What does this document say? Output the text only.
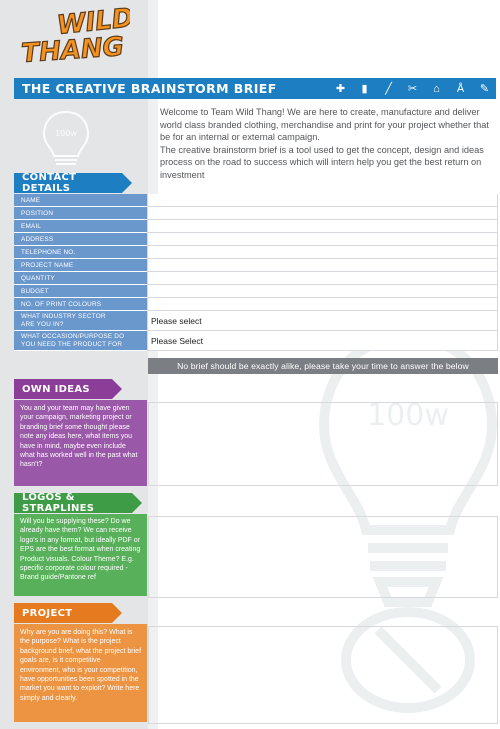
100w
WILD
THANG
THE CREATIVE BRAINSTORM BRIEF	✚	▮	╱	✂	⌂	Å	✎
100w

Welcome to Team Wild Thang! We are here to create, manufacture and deliver world class branded clothing, merchandise and print for your project whether that be for an internal or external campaign.

The creative brainstorm brief is a tool used to get the concept, design and ideas process on the road to success which will intern help you get the best return on investment

CONTACT DETAILS
NAME
POSITION
EMAIL
ADDRESS
TELEPHONE NO.
PROJECT NAME
QUANTITY
BUDGET
NO. OF PRINT COLOURS
WHAT INDUSTRY SECTOR
ARE YOU IN?	Please select
WHAT OCCASION/PURPOSE DO
YOU NEED THE PRODUCT FOR	Please Select
No brief should be exactly alike, please take your time to answer the below
OWN IDEAS
You and your team may have given your campaign, marketing project or branding brief some thought please note any ideas here, what items you have in mind, maybe even include what has worked well in the past what hasn't?
LOGOS & STRAPLINES
Will you be supplying these? Do we already have them? We can receive logo's in any format, but ideally PDF or EPS are the best format when creating Product visuals. Colour Theme? E.g. specific corporate colour required - Brand guide/Pantone ref
PROJECT
Why are you are doing this? What is the purpose? What is the project background brief, what the project brief goals are, is it competitive environment, who is your competition, have opportunities been spotted in the market you want to exploit? Write here simply and clearly.
